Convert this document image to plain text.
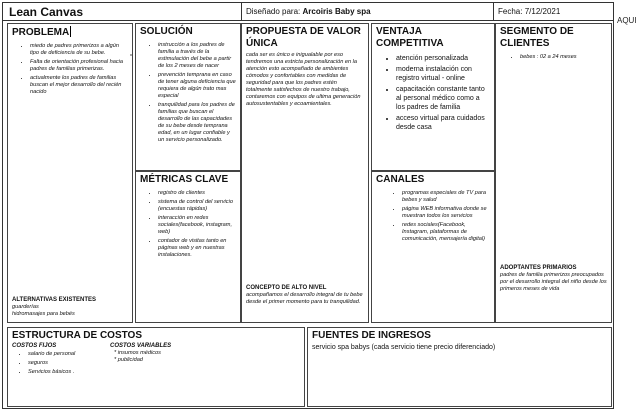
Lean Canvas	Diseñado para: Arcoiris Baby spa	Fecha: 7/12/2021
PROBLEMA
• miedo de padres primerizos a algún tipo de deficiencia de su bebe.
• Falta de orientación profesional hacia padres de familias primerizas.
• actualmente los padres de familias buscan el mejor desarrollo del recién nacido
ALTERNATIVAS EXISTENTES
guarderías
hidromasajes para bebés
SOLUCIÓN
• instrucción a los padres de familia a través de la estimulación del bebe a partir de los 2 meses de nacer
• prevención temprana en caso de tener alguna deficiencia que requiera de algún trato mas especial
• tranquilidad para los padres de familias que buscan el desarrollo de las capacidades de su bebe desde temprana edad, en un lugar confiable y un servicio personalizado.
MÉTRICAS CLAVE
• registro de clientes
• sistema de control del servicio (encuestas rápidas)
• interacción en redes sociales(facebook, instagram, web)
• contador de visitas tanto en páginas web y en nuestras instalaciones.
PROPUESTA DE VALOR ÚNICA
cada ser es único e inigualable por eso tendremos una estricta personalización en la atención esto acompañado de ambientes cómodos y confortables con medidas de seguridad para que los padres estén totalmente satisfechos de nuestro trabajo, contaremos con equipos de ultima generación autosustentables y ecoamientales.
CONCEPTO DE ALTO NIVEL
acompañamos el desarrollo integral de tu bebe desde el primer momento para tu tranquilidad.
VENTAJA COMPETITIVA
• atención personalizada
• moderna instalación con registro virtual - online
• capacitación constante tanto al personal médico como a los padres de familia
• acceso virtual para cuidados desde casa
CANALES
• programas especiales de TV para bebes y salud
• página WEB informativa donde se muestran todos los servicios
• redes sociales(Facebook, Instagram, plataformas de comunicación, mensajería digital)
SEGMENTO DE CLIENTES
• bebes : 02 a 24 meses
ADOPTANTES PRIMARIOS
padres de familia primerizos preocupados por el desarrollo integral del niño desde los primeros meses de vida
ESTRUCTURA DE COSTOS
COSTOS FIJOS
• salario de personal
• seguros
• Servicios básicos .
COSTOS VARIABLES
* insumos médicos
* publicidad
FUENTES DE INGRESOS
servicio spa babys (cada servicio tiene precio diferenciado)
AQUI
